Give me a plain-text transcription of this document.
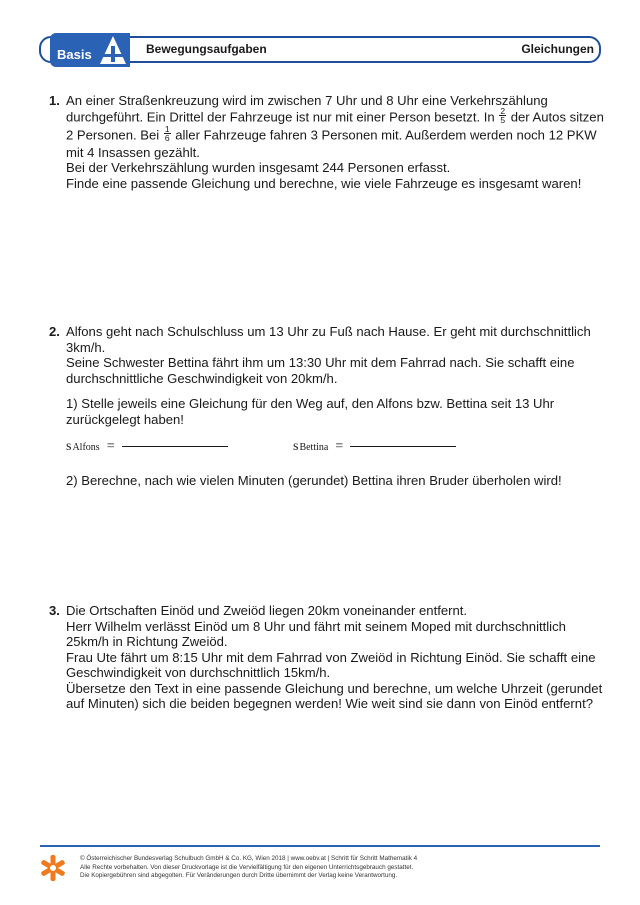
Basis	Bewegungsaufgaben	Gleichungen
1. An einer Straßenkreuzung wird im zwischen 7 Uhr und 8 Uhr eine Verkehrszählung
durchgeführt. Ein Drittel der Fahrzeuge ist nur mit einer Person besetzt. In $\frac{2}{5}$ der Autos sitzen
2 Personen. Bei $\frac{1}{6}$ aller Fahrzeuge fahren 3 Personen mit. Außerdem werden noch 12 PKW
mit 4 Insassen gezählt.
Bei der Verkehrszählung wurden insgesamt 244 Personen erfasst.
Finde eine passende Gleichung und berechne, wie viele Fahrzeuge es insgesamt waren!
2. Alfons geht nach Schulschluss um 13 Uhr zu Fuß nach Hause. Er geht mit durchschnittlich
3km/h.
Seine Schwester Bettina fährt ihm um 13:30 Uhr mit dem Fahrrad nach. Sie schafft eine
durchschnittliche Geschwindigkeit von 20km/h.
1) Stelle jeweils eine Gleichung für den Weg auf, den Alfons bzw. Bettina seit 13 Uhr
zurückgelegt haben!
s Alfons =	s Bettina =
2) Berechne, nach wie vielen Minuten (gerundet) Bettina ihren Bruder überholen wird!
3. Die Ortschaften Einöd und Zweiöd liegen 20km voneinander entfernt.
Herr Wilhelm verlässt Einöd um 8 Uhr und fährt mit seinem Moped mit durchschnittlich
25km/h in Richtung Zweiöd.
Frau Ute fährt um 8:15 Uhr mit dem Fahrrad von Zweiöd in Richtung Einöd. Sie schafft eine
Geschwindigkeit von durchschnittlich 15km/h.
Übersetze den Text in eine passende Gleichung und berechne, um welche Uhrzeit (gerundet
auf Minuten) sich die beiden begegnen werden! Wie weit sind sie dann von Einöd entfernt?
© Österreichischer Bundesverlag Schulbuch GmbH & Co. KG, Wien 2018 | www.oebv.at | Schritt für Schritt Mathematik 4
Alle Rechte vorbehalten. Von dieser Druckvorlage ist die Vervielfältigung für den eigenen Unterrichtsgebrauch gestattet.
Die Kopiergebühren sind abgegolten. Für Veränderungen durch Dritte übernimmt der Verlag keine Verantwortung.
